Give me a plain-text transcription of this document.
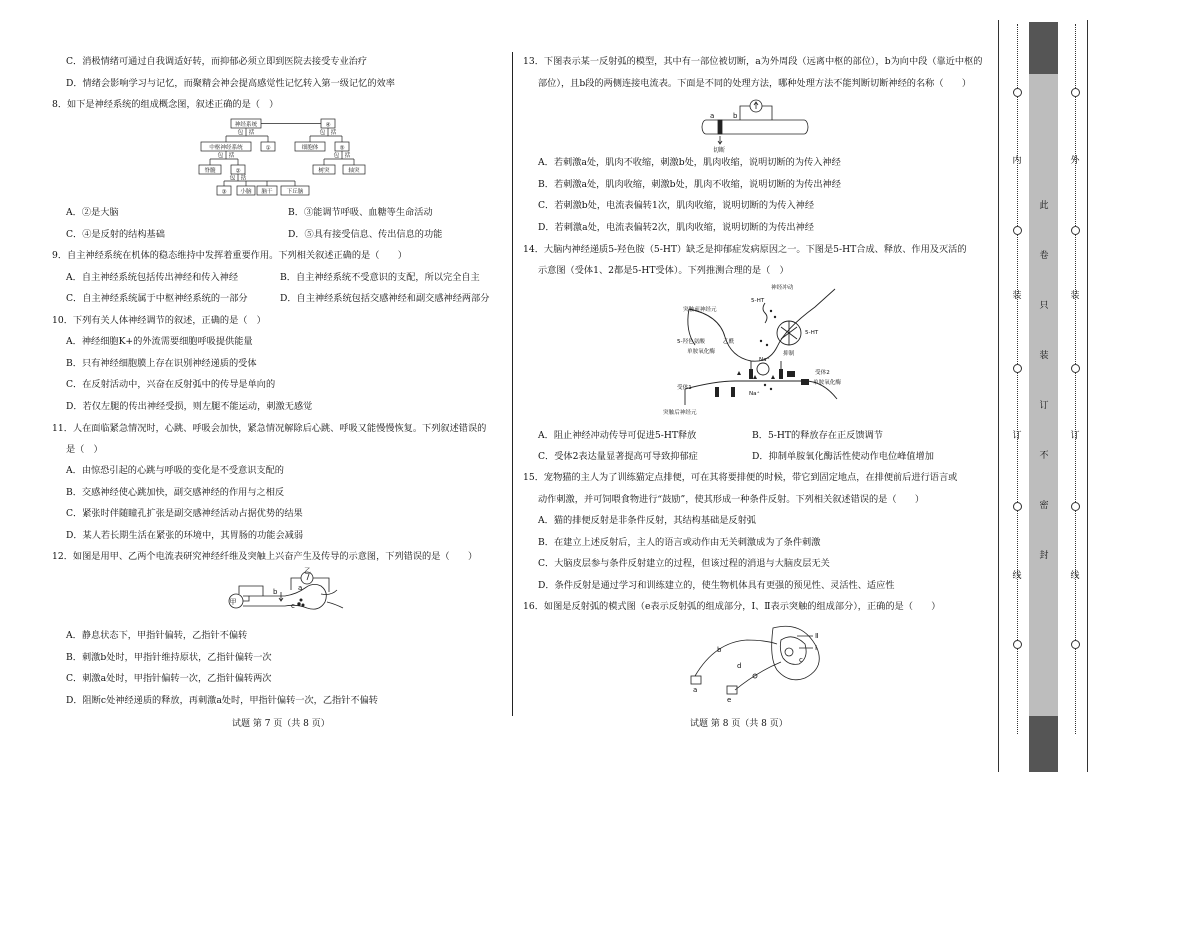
C．消极情绪可通过自我调适好转，而抑郁必须立即到医院去接受专业治疗
D．情绪会影响学习与记忆，而聚精会神会提高感觉性记忆转入第一级记忆的效率
8．如下是神经系统的组成概念图，叙述正确的是（　）
神经系统	④
包　括	包　括
中枢神经系统	①	细胞体	⑤
包　括	包　括
脊髓	②	树突	轴突
包　括
③ 小脑 脑干	下丘脑
A．②是大脑	B．③能调节呼吸、血糖等生命活动
C．④是反射的结构基础	D．⑤具有接受信息、传出信息的功能
9．自主神经系统在机体的稳态维持中发挥着重要作用。下列相关叙述正确的是（　　）
A．自主神经系统包括传出神经和传入神经	B．自主神经系统不受意识的支配，所以完全自主
C．自主神经系统属于中枢神经系统的一部分	D．自主神经系统包括交感神经和副交感神经两部分
10．下列有关人体神经调节的叙述，正确的是（　）
A．神经细胞K+的外流需要细胞呼吸提供能量
B．只有神经细胞膜上存在识别神经递质的受体
C．在反射活动中，兴奋在反射弧中的传导是单向的
D．若仅左腿的传出神经受损，则左腿不能运动，刺激无感觉
11．人在面临紧急情况时，心跳、呼吸会加快，紧急情况解除后心跳、呼吸又能慢慢恢复。下列叙述错误的
是（　）
A．由惊恐引起的心跳与呼吸的变化是不受意识支配的
B．交感神经使心跳加快，副交感神经的作用与之相反
C．紧张时伴随瞳孔扩张是副交感神经活动占据优势的结果
D．某人若长期生活在紧张的环境中，其胃肠的功能会减弱
12．如图是用甲、乙两个电流表研究神经纤维及突触上兴奋产生及传导的示意图，下列错误的是（　　）
甲
乙
a
b
c
A．静息状态下，甲指针偏转，乙指针不偏转
B．刺激b处时，甲指针维持原状，乙指针偏转一次
C．刺激a处时，甲指针偏转一次，乙指针偏转两次
D．阻断c处神经递质的释放，再刺激a处时，甲指针偏转一次，乙指针不偏转
试题 第 7 页（共 8 页）
13．下图表示某一反射弧的模型，其中有一部位被切断，a为外周段（远离中枢的部位），b为向中段（靠近中枢的
部位），且b段的两侧连接电流表。下面是不同的处理方法，哪种处理方法不能判断切断神经的名称（　　）
a	b
切断
A．若刺激a处，肌肉不收缩，刺激b处，肌肉收缩，说明切断的为传入神经
B．若刺激a处，肌肉收缩，刺激b处，肌肉不收缩，说明切断的为传出神经
C．若刺激b处，电流表偏转1次，肌肉收缩，说明切断的为传入神经
D．若刺激a处，电流表偏转2次，肌肉收缩，说明切断的为传出神经
14．大脑内神经递质5-羟色胺（5-HT）缺乏是抑郁症发病原因之一。下图是5-HT合成、释放、作用及灭活的
示意图（受体1、2都是5-HT受体）。下列推测合理的是（　）
神经冲动
突触前神经元
5-HT
5-HT
5-羟色氨酸	乙酰
单胺氧化酶
Na⁺
Na⁺
抑制
受体2
单胺氧化酶
受体1
突触后神经元
A．阻止神经冲动传导可促进5-HT释放	B．5-HT的释放存在正反馈调节
C．受体2表达量显著提高可导致抑郁症	D．抑制单胺氧化酶活性使动作电位峰值增加
15．宠物猫的主人为了训练猫定点排便，可在其将要排便的时候，带它到固定地点，在排便前后进行语言或
动作刺激，并可饲喂食物进行“鼓励”，使其形成一种条件反射。下列相关叙述错误的是（　　）
A．猫的排便反射是非条件反射，其结构基础是反射弧
B．在建立上述反射后，主人的语言或动作由无关刺激成为了条件刺激
C．大脑皮层参与条件反射建立的过程，但该过程的消退与大脑皮层无关
D．条件反射是通过学习和训练建立的，使生物机体具有更强的预见性、灵活性、适应性
16．如图是反射弧的模式图（e表示反射弧的组成部分，Ⅰ、Ⅱ表示突触的组成部分），正确的是（　　）
a
b
c
d
e
Ⅰ
Ⅱ
试题 第 8 页（共 8 页）
内
装
订
线
此
卷
只
装
订
不
密
封
外
装
订
线
